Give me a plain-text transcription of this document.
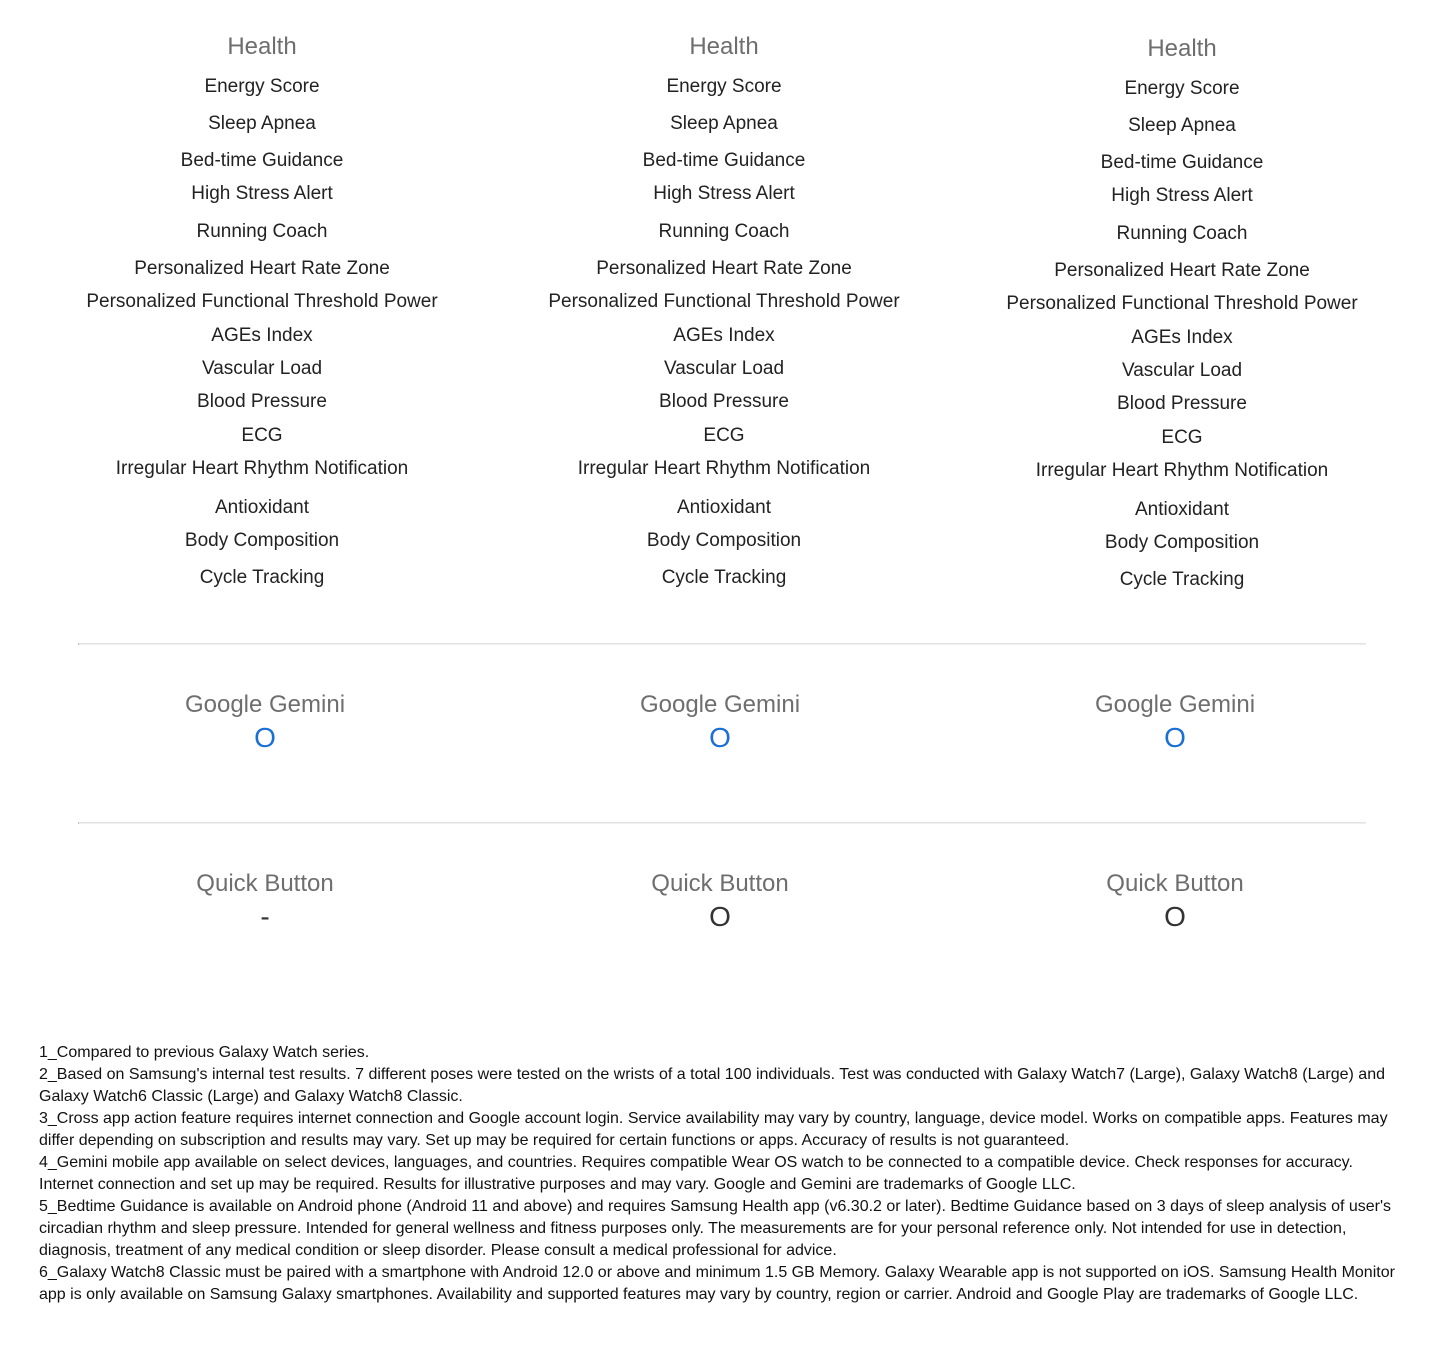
Health
Energy Score
Sleep Apnea
Bed-time Guidance
High Stress Alert
Running Coach
Personalized Heart Rate Zone
Personalized Functional Threshold Power
AGEs Index
Vascular Load
Blood Pressure
ECG
Irregular Heart Rhythm Notification
Antioxidant
Body Composition
Cycle Tracking
Health
Energy Score
Sleep Apnea
Bed-time Guidance
High Stress Alert
Running Coach
Personalized Heart Rate Zone
Personalized Functional Threshold Power
AGEs Index
Vascular Load
Blood Pressure
ECG
Irregular Heart Rhythm Notification
Antioxidant
Body Composition
Cycle Tracking
Health
Energy Score
Sleep Apnea
Bed-time Guidance
High Stress Alert
Running Coach
Personalized Heart Rate Zone
Personalized Functional Threshold Power
AGEs Index
Vascular Load
Blood Pressure
ECG
Irregular Heart Rhythm Notification
Antioxidant
Body Composition
Cycle Tracking
Google Gemini
O
Google Gemini
O
Google Gemini
O
Quick Button
-
Quick Button
O
Quick Button
O

1_Compared to previous Galaxy Watch series.

2_Based on Samsung's internal test results. 7 different poses were tested on the wrists of a total 100 individuals. Test was conducted with Galaxy Watch7 (Large), Galaxy Watch8 (Large) and Galaxy Watch6 Classic (Large) and Galaxy Watch8 Classic.

3_Cross app action feature requires internet connection and Google account login. Service availability may vary by country, language, device model. Works on compatible apps. Features may differ depending on subscription and results may vary. Set up may be required for certain functions or apps. Accuracy of results is not guaranteed.

4_Gemini mobile app available on select devices, languages, and countries. Requires compatible Wear OS watch to be connected to a compatible device. Check responses for accuracy. Internet connection and set up may be required. Results for illustrative purposes and may vary. Google and Gemini are trademarks of Google LLC.

5_Bedtime Guidance is available on Android phone (Android 11 and above) and requires Samsung Health app (v6.30.2 or later). Bedtime Guidance based on 3 days of sleep analysis of user's circadian rhythm and sleep pressure. Intended for general wellness and fitness purposes only. The measurements are for your personal reference only. Not intended for use in detection, diagnosis, treatment of any medical condition or sleep disorder. Please consult a medical professional for advice.

6_Galaxy Watch8 Classic must be paired with a smartphone with Android 12.0 or above and minimum 1.5 GB Memory. Galaxy Wearable app is not supported on iOS. Samsung Health Monitor app is only available on Samsung Galaxy smartphones. Availability and supported features may vary by country, region or carrier. Android and Google Play are trademarks of Google LLC.
